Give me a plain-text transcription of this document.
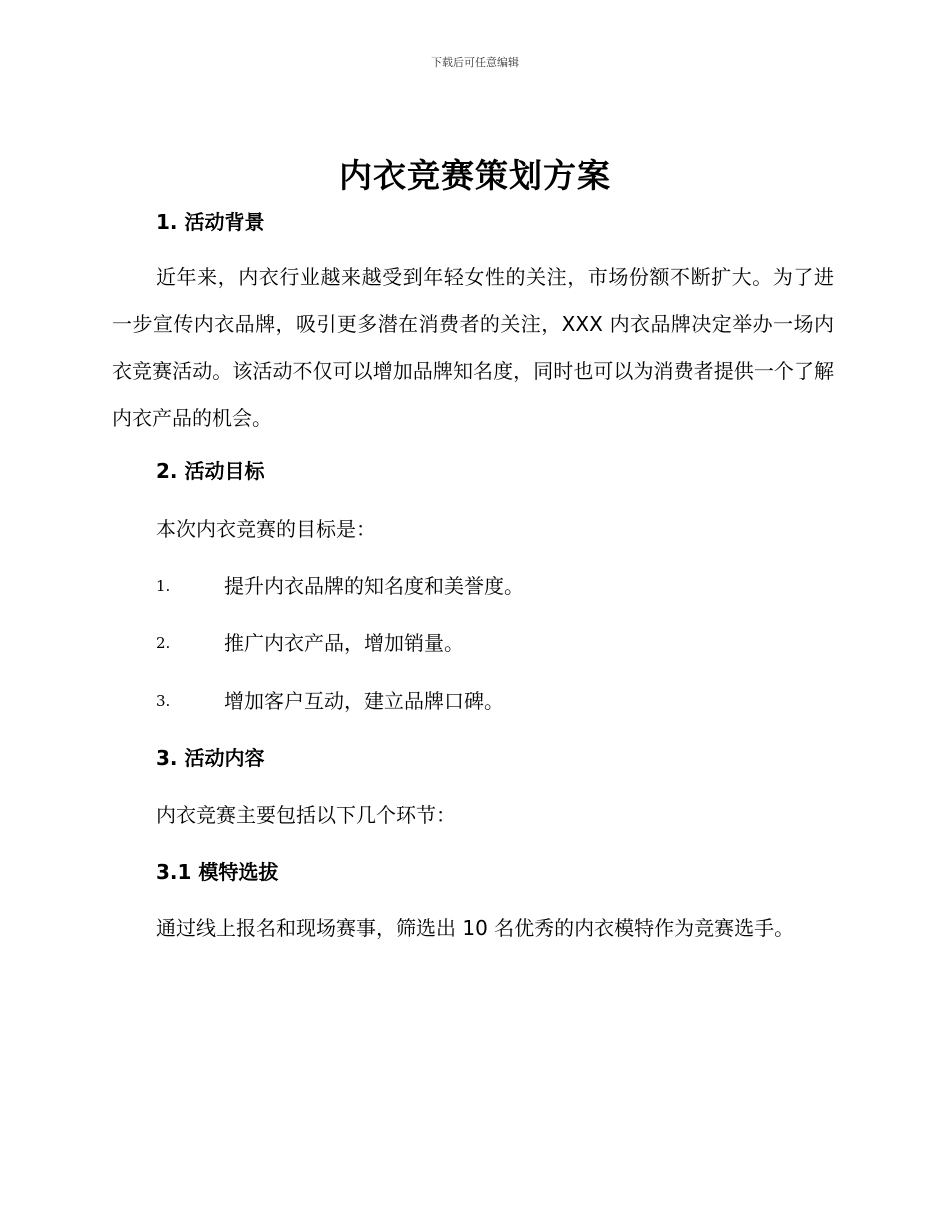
下载后可任意编辑
内衣竞赛策划方案
1. 活动背景

近年来，内衣行业越来越受到年轻女性的关注，市场份额不断扩大。为了进一步宣传内衣品牌，吸引更多潜在消费者的关注，XXX 内衣品牌决定举办一场内衣竞赛活动。该活动不仅可以增加品牌知名度，同时也可以为消费者提供一个了解内衣产品的机会。

2. 活动目标
本次内衣竞赛的目标是：
1.	提升内衣品牌的知名度和美誉度。
2.	推广内衣产品，增加销量。
3.	增加客户互动，建立品牌口碑。
3. 活动内容
内衣竞赛主要包括以下几个环节：
3.1 模特选拔

通过线上报名和现场赛事，筛选出 10 名优秀的内衣模特作为竞赛选手。
